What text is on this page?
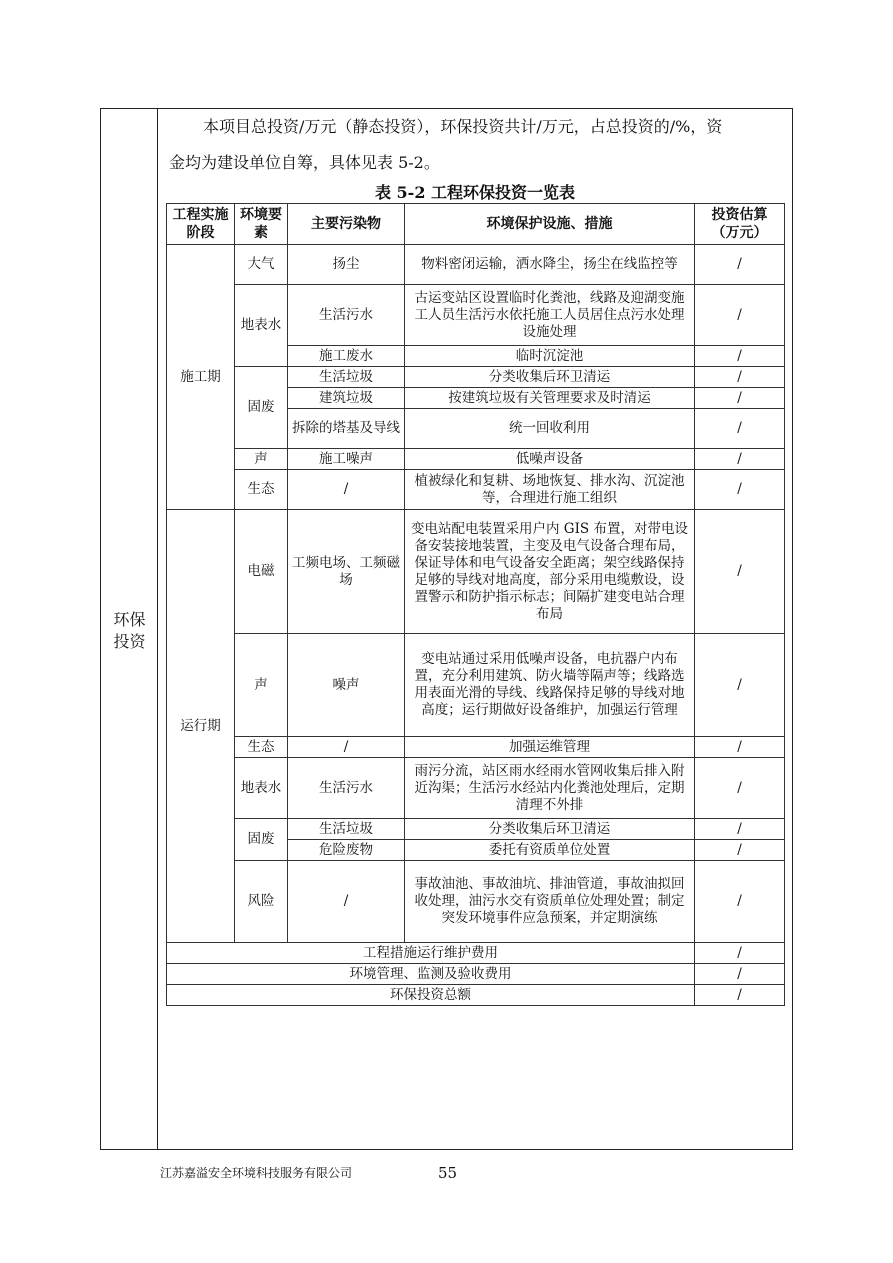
环保投资
本项目总投资/万元（静态投资），环保投资共计/万元，占总投资的/%，资
金均为建设单位自筹，具体见表 5-2。
表 5-2 工程环保投资一览表
工程实施阶段	环境要素	主要污染物	环境保护设施、措施	投资估算（万元）
施工期	大气	扬尘	物料密闭运输，洒水降尘，扬尘在线监控等	/
	地表水	生活污水	古运变站区设置临时化粪池，线路及迎湖变施工人员生活污水依托施工人员居住点污水处理设施处理	/
		施工废水	临时沉淀池	/
	固废	生活垃圾	分类收集后环卫清运	/
		建筑垃圾	按建筑垃圾有关管理要求及时清运	/
		拆除的塔基及导线	统一回收利用	/
	声	施工噪声	低噪声设备	/
	生态	/	植被绿化和复耕、场地恢复、排水沟、沉淀池等，合理进行施工组织	/

运行期	电磁	工频电场、工频磁场	变电站配电装置采用户内 GIS 布置，对带电设备安装接地装置，主变及电气设备合理布局，保证导体和电气设备安全距离；架空线路保持足够的导线对地高度，部分采用电缆敷设，设置警示和防护指示标志；间隔扩建变电站合理布局	/
	声	噪声	变电站通过采用低噪声设备，电抗器户内布置，充分利用建筑、防火墙等隔声等；线路选用表面光滑的导线、线路保持足够的导线对地高度；运行期做好设备维护，加强运行管理	/
	生态	/	加强运维管理	/
	地表水	生活污水	雨污分流，站区雨水经雨水管网收集后排入附近沟渠；生活污水经站内化粪池处理后，定期清理不外排	/
	固废	生活垃圾	分类收集后环卫清运	/
		危险废物	委托有资质单位处置	/
	风险	/	事故油池、事故油坑、排油管道，事故油拟回收处理，油污水交有资质单位处理处置；制定突发环境事件应急预案，并定期演练	/

工程措施运行维护费用				/
环境管理、监测及验收费用				/
环保投资总额				/
江苏嘉溢安全环境科技服务有限公司	55
